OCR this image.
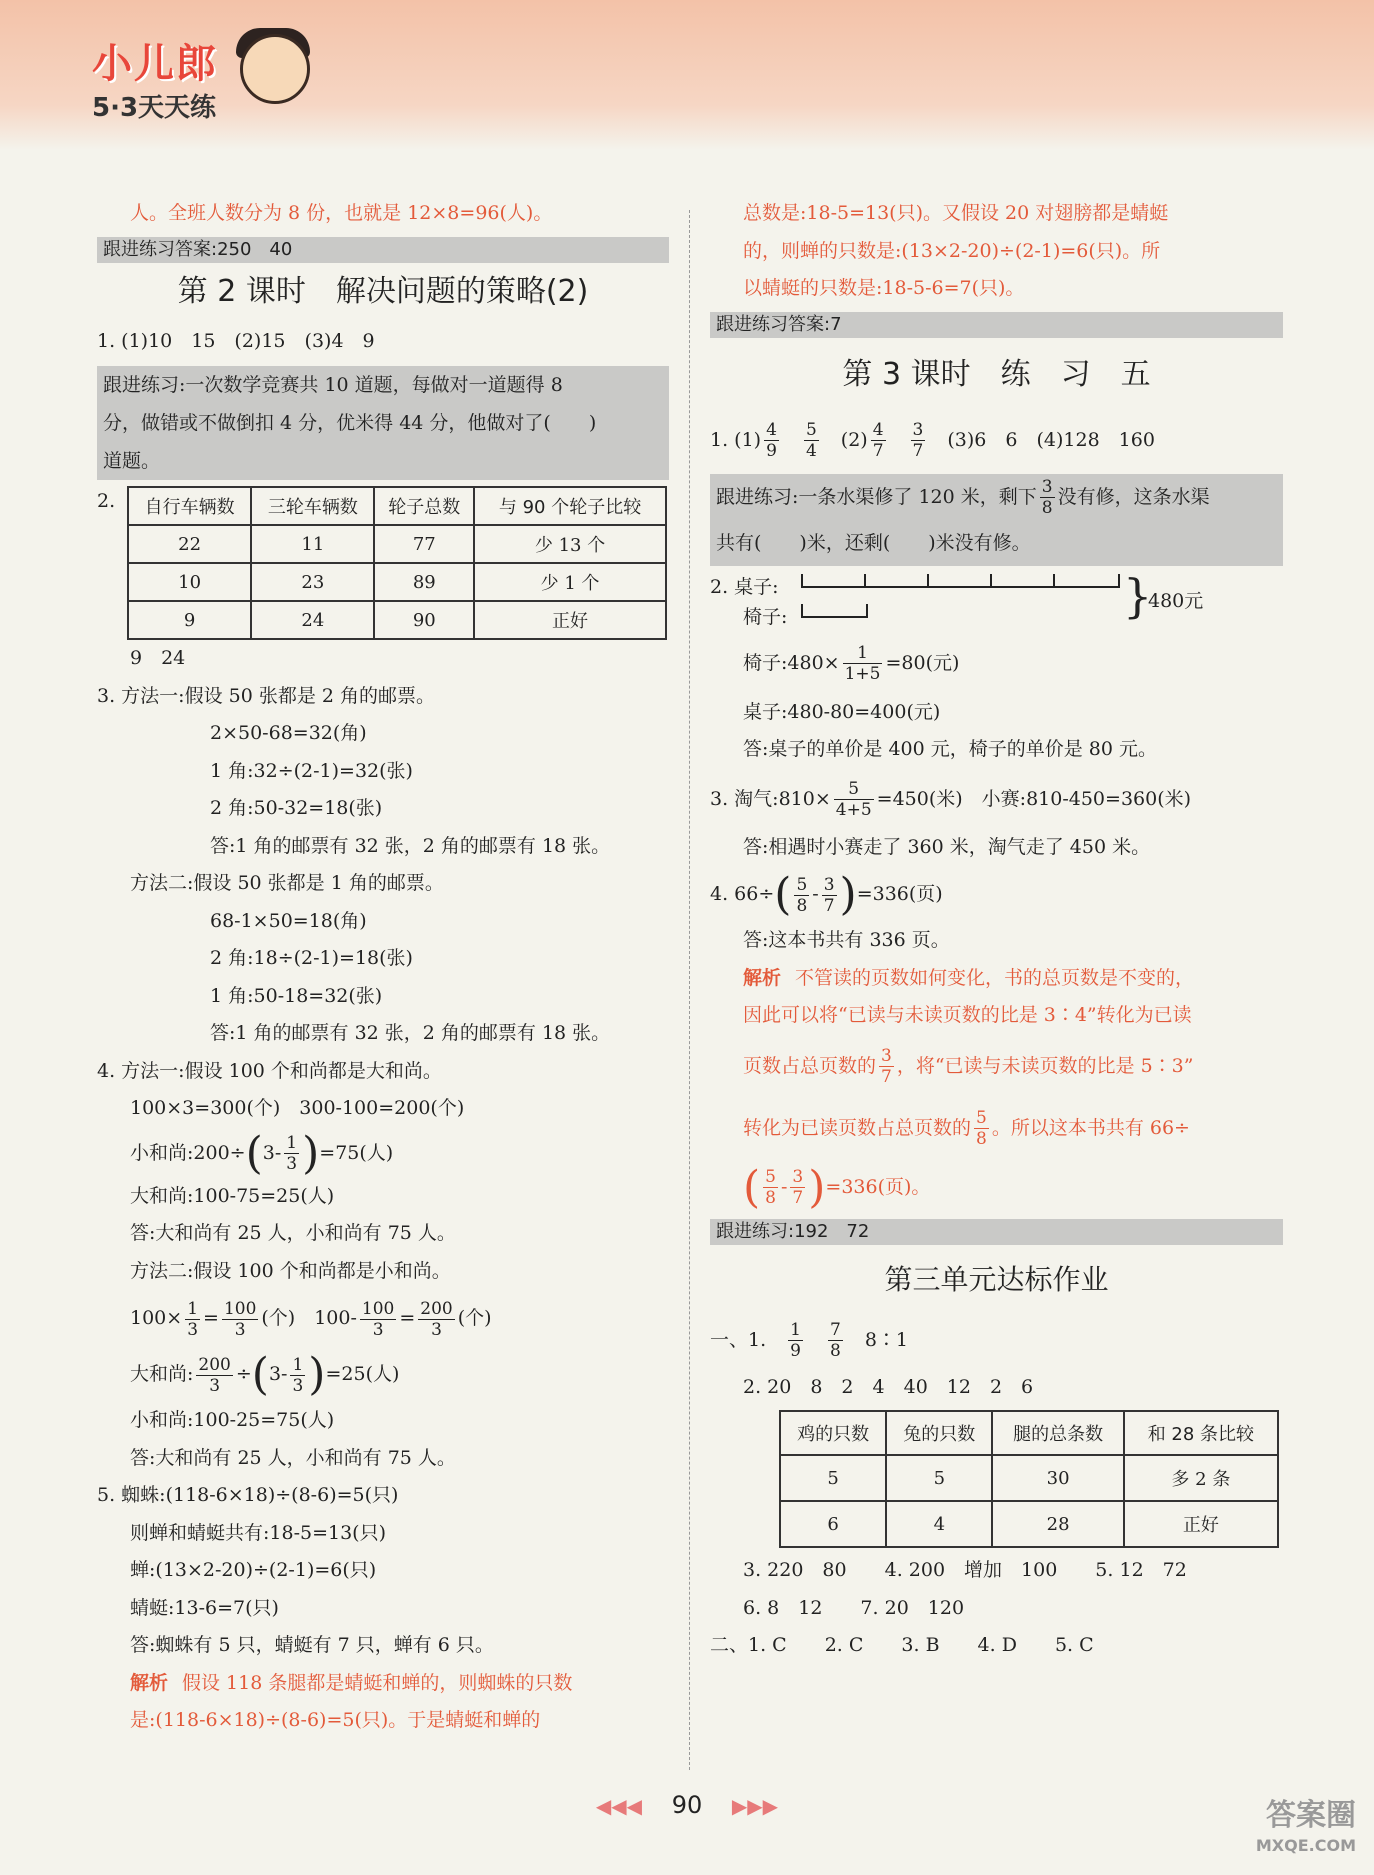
小儿郎
5·3天天练
人。全班人数分为 8 份，也就是 12×8=96(人)。
跟进练习答案:250　40
第 2 课时　解决问题的策略(2)
1. (1)10　15　(2)15　(3)4　9
跟进练习:一次数学竞赛共 10 道题，每做对一道题得 8
分，做错或不做倒扣 4 分，优米得 44 分，他做对了(　　)
道题。
2.	自行车辆数	三轮车辆数	轮子总数	与 90 个轮子比较
22	11	77	少 13 个
10	23	89	少 1 个
9	24	90	正好
9　24
3. 方法一:假设 50 张都是 2 角的邮票。
2×50-68=32(角)
1 角:32÷(2-1)=32(张)
2 角:50-32=18(张)
答:1 角的邮票有 32 张，2 角的邮票有 18 张。
方法二:假设 50 张都是 1 角的邮票。
68-1×50=18(角)
2 角:18÷(2-1)=18(张)
1 角:50-18=32(张)
答:1 角的邮票有 32 张，2 角的邮票有 18 张。
4. 方法一:假设 100 个和尚都是大和尚。
100×3=300(个)　300-100=200(个)
小和尚:200÷(3- $\frac{1}{3} )=75$(人)
大和尚:100-75=25(人)
答:大和尚有 25 人，小和尚有 75 人。
方法二:假设 100 个和尚都是小和尚。
$100\times \frac{1}{3} = \frac{100}{3}$ (个)　$100- \frac{100}{3} = \frac{200}{3}$ (个)
大和尚: $\frac{200}{3} \div(3- \frac{1}{3} )=25$(人)
小和尚:100-25=75(人)
答:大和尚有 25 人，小和尚有 75 人。
5. 蜘蛛:(118-6×18)÷(8-6)=5(只)
则蝉和蜻蜓共有:18-5=13(只)
蝉:(13×2-20)÷(2-1)=6(只)
蜻蜓:13-6=7(只)
答:蜘蛛有 5 只，蜻蜓有 7 只，蝉有 6 只。
解析 假设 118 条腿都是蜻蜓和蝉的，则蜘蛛的只数
是:(118-6×18)÷(8-6)=5(只)。于是蜻蜓和蝉的
总数是:18-5=13(只)。又假设 20 对翅膀都是蜻蜓
的，则蝉的只数是:(13×2-20)÷(2-1)=6(只)。所
以蜻蜓的只数是:18-5-6=7(只)。
跟进练习答案:7
第 3 课时　练　习　五
1. $(1) \frac{4}{9}$
　 $\frac{5}{4}$
　 $(2) \frac{4}{7}$
　 $\frac{3}{7}$
　 (3)6　6　(4)128　160
跟进练习:一条水渠修了 120 米，剩下 $\frac{3}{8}$ 没有修，这条水渠
共有(　　)米，还剩(　　)米没有修。
2. 桌子:
椅子:	}
480元
椅子:480× $\frac{1}{1+5} =80$(元)
桌子:480-80=400(元)
答:桌子的单价是 400 元，椅子的单价是 80 元。
3. 淘气:810× $\frac{5}{4+5} =450$(米)　小赛:810-450=360(米)
答:相遇时小赛走了 360 米，淘气走了 450 米。
4. $66\div( \frac{5}{8} - \frac{3}{7} )=336$(页)
答:这本书共有 336 页。
解析 不管读的页数如何变化，书的总页数是不变的，
因此可以将“已读与未读页数的比是 3∶4”转化为已读
页数占总页数的 $\frac{3}{7}$ ，将“已读与未读页数的比是 5∶3”
转化为已读页数占总页数的 $\frac{5}{8}$ 。所以这本书共有 66÷
( $\frac{5}{8} - \frac{3}{7} )=336$(页)。
跟进练习:192　72
第三单元达标作业
一、1.　 $\frac{1}{9}$
　 $\frac{7}{8}$
　 8∶1
2. 20　8　2　4　40　12　2　6
鸡的只数	兔的只数	腿的总条数	和 28 条比较
5	5	30	多 2 条
6	4	28	正好
3. 220　80　　4. 200　增加　100　　5. 12　72
6. 8　12　　7. 20　120
二、1. C　　2. C　　3. B　　4. D　　5. C
◀◀◀ 90 ▶▶▶	答案圈
MXQE.COM
